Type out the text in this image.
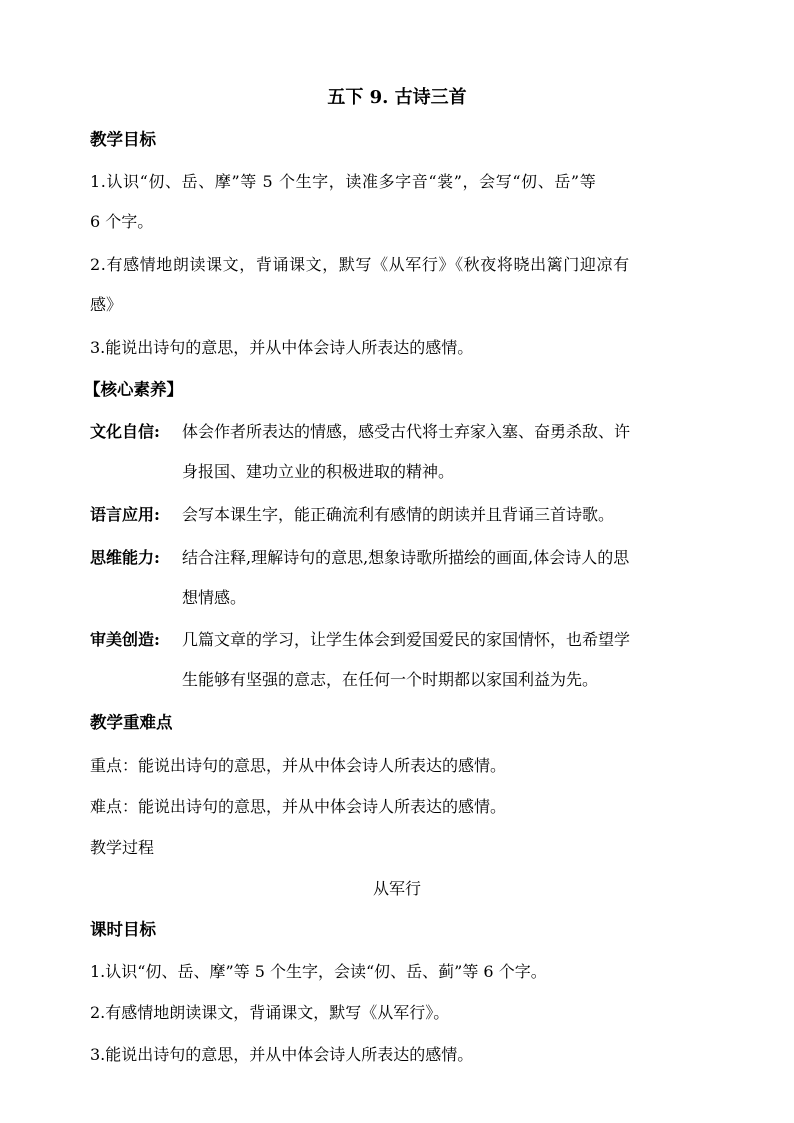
五下 9. 古诗三首
教学目标
1.认识“仞、岳、摩”等 5 个生字，读准多字音“裳”，会写“仞、岳”等
6 个字。
2.有感情地朗读课文，背诵课文，默写《从军行》《秋夜将晓出篱门迎凉有
感》
3.能说出诗句的意思，并从中体会诗人所表达的感情。
【核心素养】
文化自信: 体会作者所表达的情感，感受古代将士弃家入塞、奋勇杀敌、许
身报国、建功立业的积极进取的精神。
语言应用: 会写本课生字，能正确流利有感情的朗读并且背诵三首诗歌。
思维能力: 结合注释,理解诗句的意思,想象诗歌所描绘的画面,体会诗人的思
想情感。
审美创造: 几篇文章的学习，让学生体会到爱国爱民的家国情怀，也希望学
生能够有坚强的意志，在任何一个时期都以家国利益为先。
教学重难点
重点：能说出诗句的意思，并从中体会诗人所表达的感情。
难点：能说出诗句的意思，并从中体会诗人所表达的感情。
教学过程
从军行
课时目标
1.认识“仞、岳、摩”等 5 个生字，会读“仞、岳、蓟”等 6 个字。
2.有感情地朗读课文，背诵课文，默写《从军行》。
3.能说出诗句的意思，并从中体会诗人所表达的感情。
